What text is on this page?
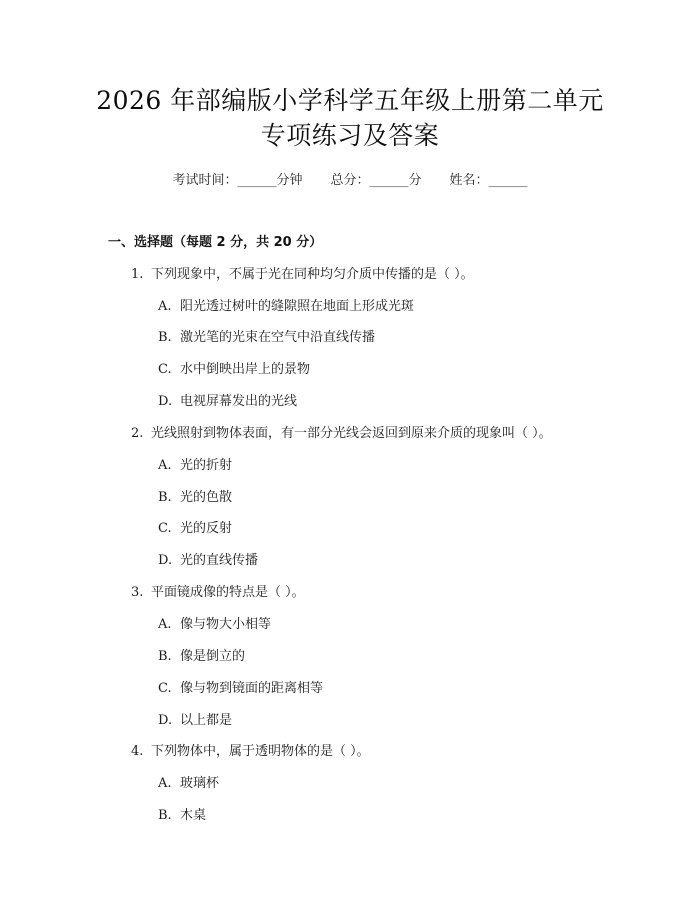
2026 年部编版小学科学五年级上册第二单元
专项练习及答案
考试时间：______分钟 总分：______分 姓名：______
一、选择题（每题 2 分，共 20 分）
1. 下列现象中，不属于光在同种均匀介质中传播的是（ ）。
A. 阳光透过树叶的缝隙照在地面上形成光斑
B. 激光笔的光束在空气中沿直线传播
C. 水中倒映出岸上的景物
D. 电视屏幕发出的光线
2. 光线照射到物体表面，有一部分光线会返回到原来介质的现象叫（ ）。
A. 光的折射
B. 光的色散
C. 光的反射
D. 光的直线传播
3. 平面镜成像的特点是（ ）。
A. 像与物大小相等
B. 像是倒立的
C. 像与物到镜面的距离相等
D. 以上都是
4. 下列物体中，属于透明物体的是（ ）。
A. 玻璃杯
B. 木桌
